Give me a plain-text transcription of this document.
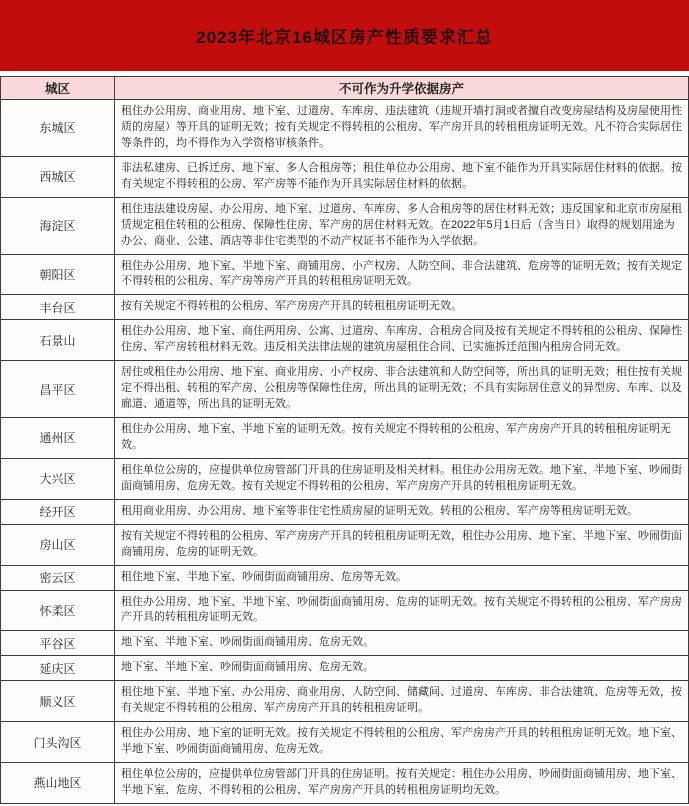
2023年北京16城区房产性质要求汇总
城区	不可作为升学依据房产
东城区	租住办公用房、商业用房、地下室、过道房、车库房、违法建筑（违规开墙打洞或者擅自改变房屋结构及房屋使用性质的房屋）等开具的证明无效；按有关规定不得转租的公租房、军产房开具的转租租房证明无效。凡不符合实际居住等条件的，均不得作为入学资格审核条件。
西城区	非法私建房、已拆迁房、地下室、多人合租房等；租住单位办公用房、地下室不能作为开具实际居住材料的依据。按有关规定不得转租的公房、军产房等不能作为开具实际居住材料的依据。
海淀区	租住违法建设房屋、办公用房、地下室、过道房、车库房、多人合租房等的居住材料无效；违反国家和北京市房屋租赁规定租住转租的公租房、保障性住房、军产房的居住材料无效。在2022年5月1日后（含当日）取得的规划用途为办公、商业、公建、酒店等非住宅类型的不动产权证书不能作为入学依据。
朝阳区	租住办公用房、地下室、半地下室、商铺用房、小产权房、人防空间、非合法建筑、危房等的证明无效；按有关规定不得转租的公租房、军产房等房产开具的转租租房证明无效。
丰台区	按有关规定不得转租的公租房、军产房房产开具的转租租房证明无效。
石景山	租住办公用房、地下室、商住两用房、公寓、过道房、车库房、合租房合同及按有关规定不得转租的公租房、保障性住房、军产房转租材料无效。违反相关法律法规的建筑房屋租住合同、已实施拆迁范围内租房合同无效。
昌平区	居住或租住办公用房、地下室、商业用房、小产权房、非合法建筑和人防空间等，所出具的证明无效；租住按有关规定不得出租、转租的军产房、公租房等保障性住房，所出具的证明无效；不具有实际居住意义的异型房、车库、以及廊道、通道等，所出具的证明无效。
通州区	租住办公用房、地下室、半地下室的证明无效。按有关规定不得转租的公租房、军产房房产开具的转租租房证明无效。
大兴区	租住单位公房的，应提供单位房管部门开具的住房证明及相关材料。租住办公用房无效。地下室、半地下室、吵闹街面商铺用房、危房无效。按有关规定不得转租的公租房、军产房房产开具的转租租房证明无效。
经开区	租用商业用房、办公用房、地下室等非住宅性质房屋的证明无效。转租的公租房、军产房等租房证明无效。
房山区	按有关规定不得转租的公租房、军产房房产开具的转租租房证明无效，租住办公用房、地下室、半地下室、吵闹街面商铺用房、危房的证明无效。
密云区	租住地下室、半地下室、吵闹街面商铺用房、危房等无效。
怀柔区	租住办公用房、地下室、半地下室、吵闹街面商铺用房、危房的证明无效。按有关规定不得转租的公租房、军产房房产开具的转租租房证明无效。
平谷区	地下室、半地下室、吵闹街面商铺用房、危房无效。
延庆区	地下室、半地下室、吵闹街面商铺用房、危房无效。
顺义区	租住地下室、半地下室、办公用房、商业用房、人防空间、储藏间、过道房、车库房、非合法建筑、危房等无效，按有关规定不得转租的公租房、军产房房产开具的转租租房证明。
门头沟区	租住办公用房、地下室的证明无效。按有关规定不得转租的公租房、军产房房产开具的转租租房证明无效。地下室、半地下室、吵闹街面商铺用房、危房无效。
燕山地区	租住单位公房的，应提供单位房管部门开具的住房证明。按有关规定：租住办公用房、吵闹街面商铺用房、地下室、半地下室、危房、不得转租的公租房、军产房房产开具的转租租房证明均无效。
